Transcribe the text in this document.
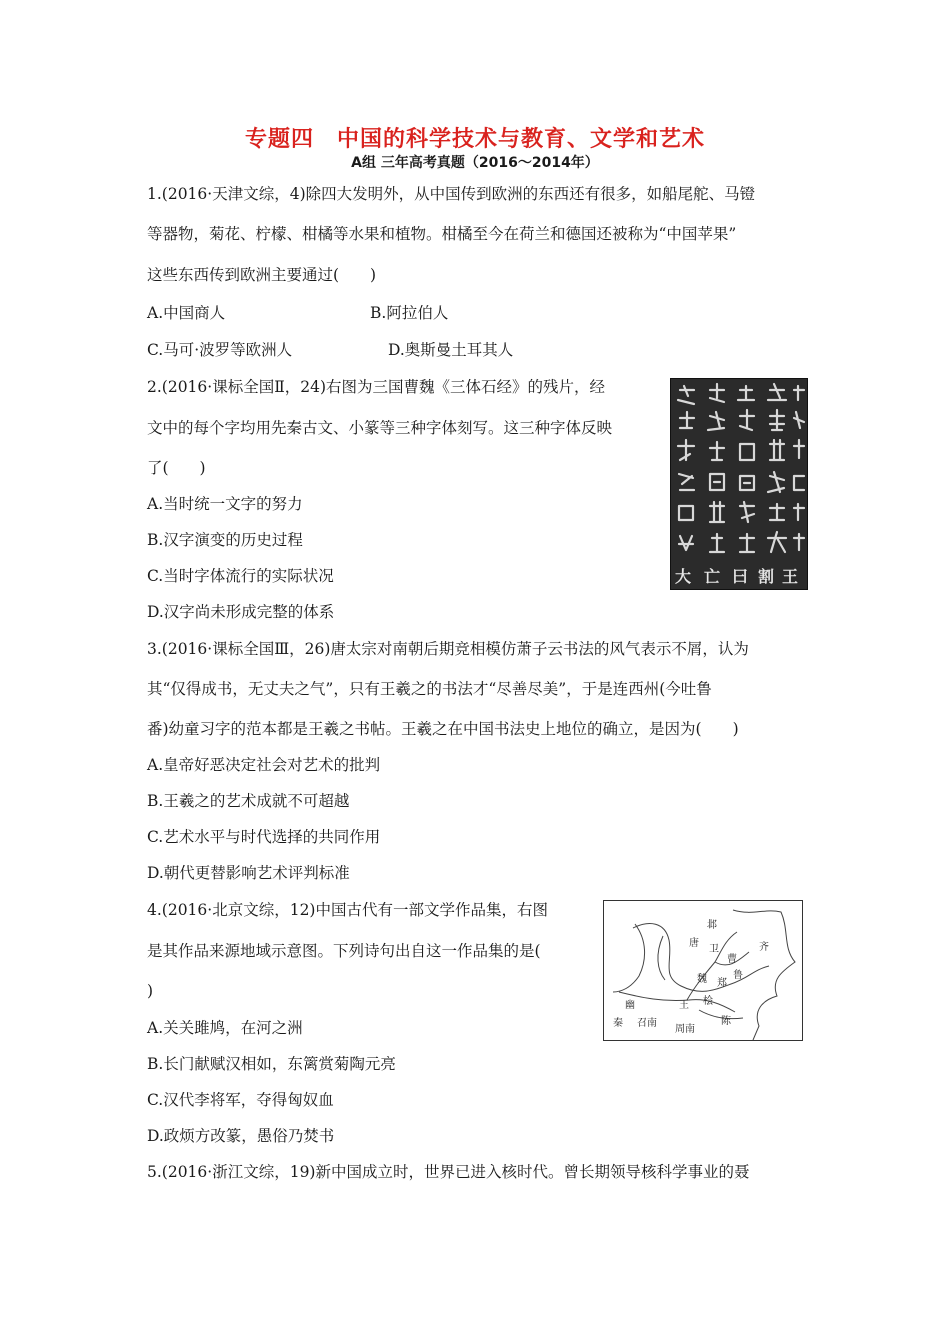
专题四　中国的科学技术与教育、文学和艺术
A组 三年高考真题（2016～2014年）
1.(2016·天津文综，4)除四大发明外，从中国传到欧洲的东西还有很多，如船尾舵、马镫
等器物，菊花、柠檬、柑橘等水果和植物。柑橘至今在荷兰和德国还被称为“中国苹果”
这些东西传到欧洲主要通过(　　)
A.中国商人	B.阿拉伯人
C.马可·波罗等欧洲人	D.奥斯曼土耳其人
2.(2016·课标全国Ⅱ，24)右图为三国曹魏《三体石经》的残片，经
文中的每个字均用先秦古文、小篆等三种字体刻写。这三种字体反映
了(　　)
A.当时统一文字的努力
B.汉字演变的历史过程
C.当时字体流行的实际状况
D.汉字尚未形成完整的体系
大 亡 曰 割 王
3.(2016·课标全国Ⅲ，26)唐太宗对南朝后期竞相模仿萧子云书法的风气表示不屑，认为
其“仅得成书，无丈夫之气”，只有王羲之的书法才“尽善尽美”，于是连西州(今吐鲁
番)幼童习字的范本都是王羲之书帖。王羲之在中国书法史上地位的确立，是因为(　　)
A.皇帝好恶决定社会对艺术的批判
B.王羲之的艺术成就不可超越
C.艺术水平与时代选择的共同作用
D.朝代更替影响艺术评判标准
4.(2016·北京文综，12)中国古代有一部文学作品集，右图
是其作品来源地域示意图。下列诗句出自这一作品集的是(
)
A.关关雎鸠，在河之洲
B.长门献赋汉相如，东篱赏菊陶元亮
C.汉代李将军，夺得匈奴血
D.政烦方改篆，愚俗乃焚书
邶
唐
卫	齐
曹
鲁
魏 郑
幽	王 桧
秦 召南
周南
陈
5.(2016·浙江文综，19)新中国成立时，世界已进入核时代。曾长期领导核科学事业的聂
